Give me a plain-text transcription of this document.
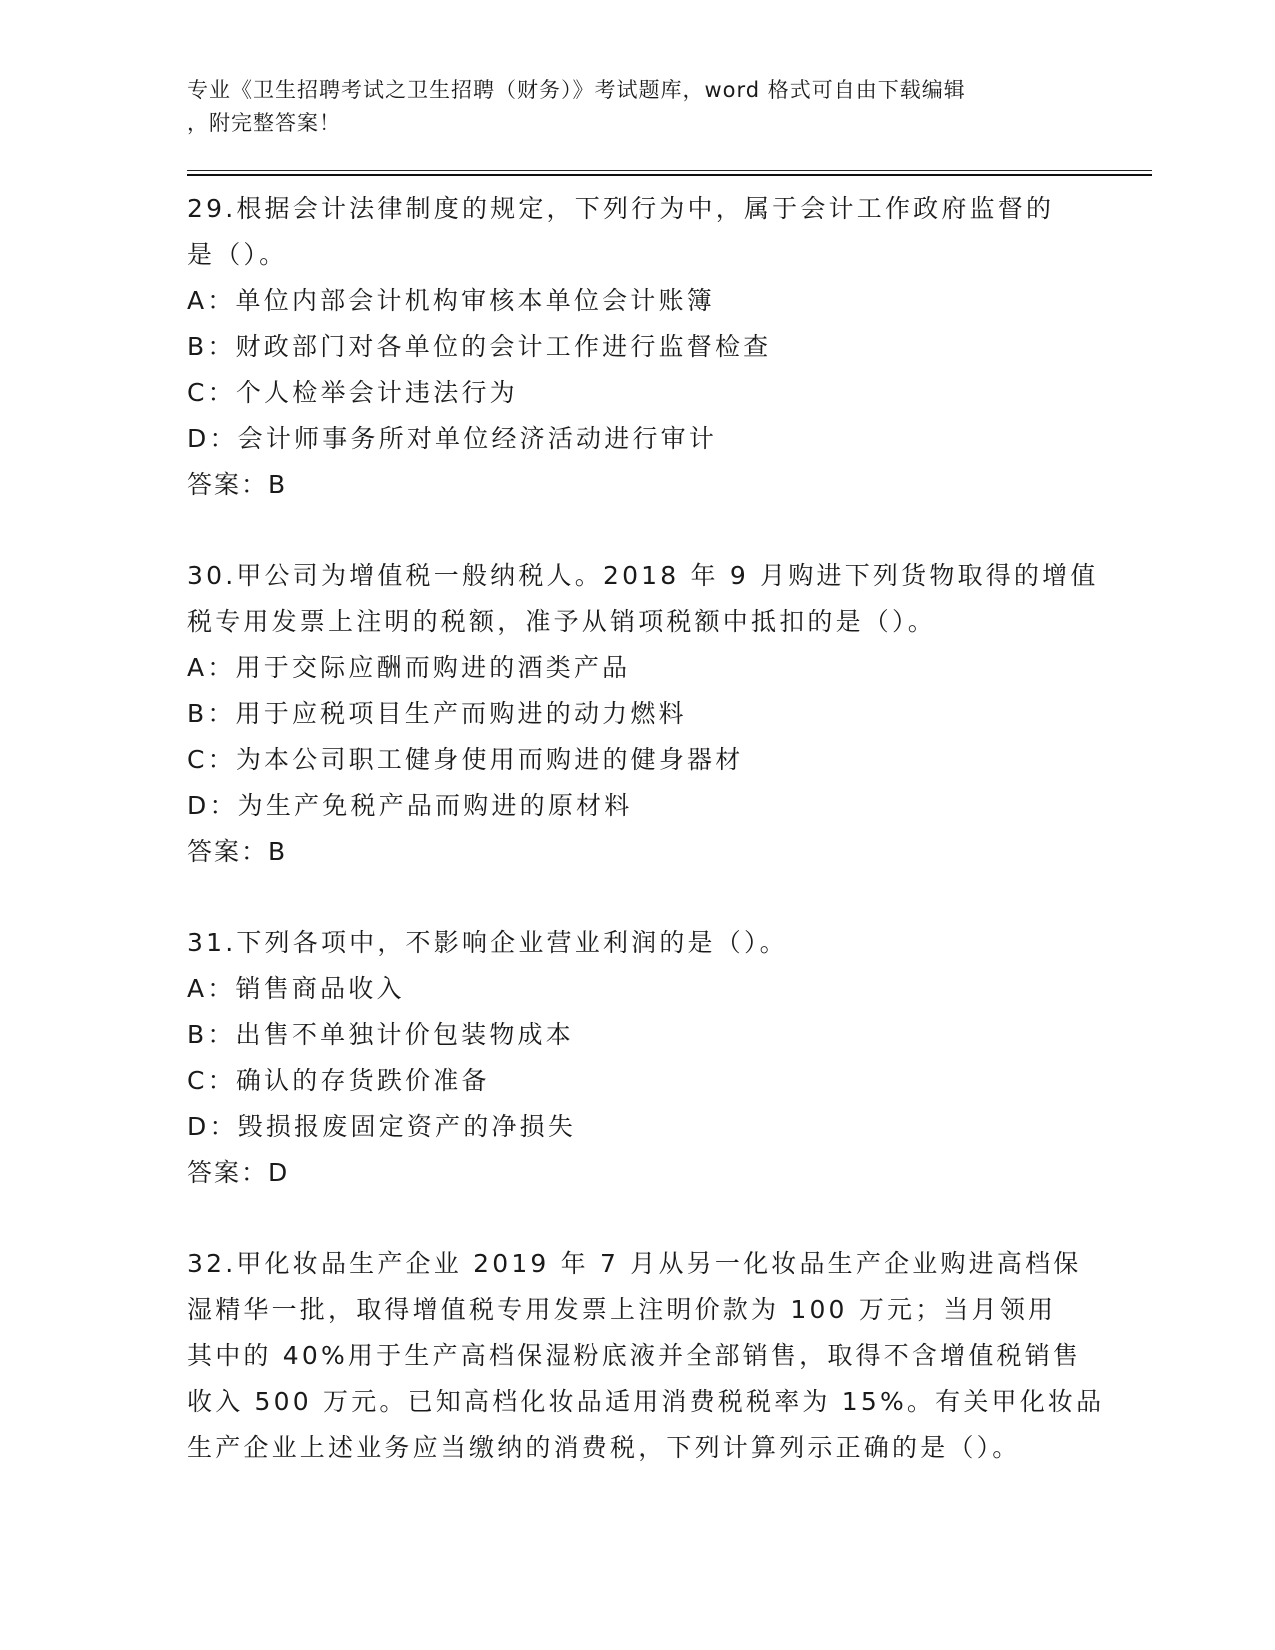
专业《卫生招聘考试之卫生招聘（财务）》考试题库，word 格式可自由下载编辑
，附完整答案！
29.根据会计法律制度的规定，下列行为中，属于会计工作政府监督的
是（）。
A：单位内部会计机构审核本单位会计账簿
B：财政部门对各单位的会计工作进行监督检查
C：个人检举会计违法行为
D：会计师事务所对单位经济活动进行审计
答案：B
30.甲公司为增值税一般纳税人。2018 年 9 月购进下列货物取得的增值
税专用发票上注明的税额，准予从销项税额中抵扣的是（）。
A：用于交际应酬而购进的酒类产品
B：用于应税项目生产而购进的动力燃料
C：为本公司职工健身使用而购进的健身器材
D：为生产免税产品而购进的原材料
答案：B
31.下列各项中，不影响企业营业利润的是（）。
A：销售商品收入
B：出售不单独计价包装物成本
C：确认的存货跌价准备
D：毁损报废固定资产的净损失
答案：D
32.甲化妆品生产企业 2019 年 7 月从另一化妆品生产企业购进高档保
湿精华一批，取得增值税专用发票上注明价款为 100 万元；当月领用
其中的 40%用于生产高档保湿粉底液并全部销售，取得不含增值税销售
收入 500 万元。已知高档化妆品适用消费税税率为 15%。有关甲化妆品
生产企业上述业务应当缴纳的消费税，下列计算列示正确的是（）。
